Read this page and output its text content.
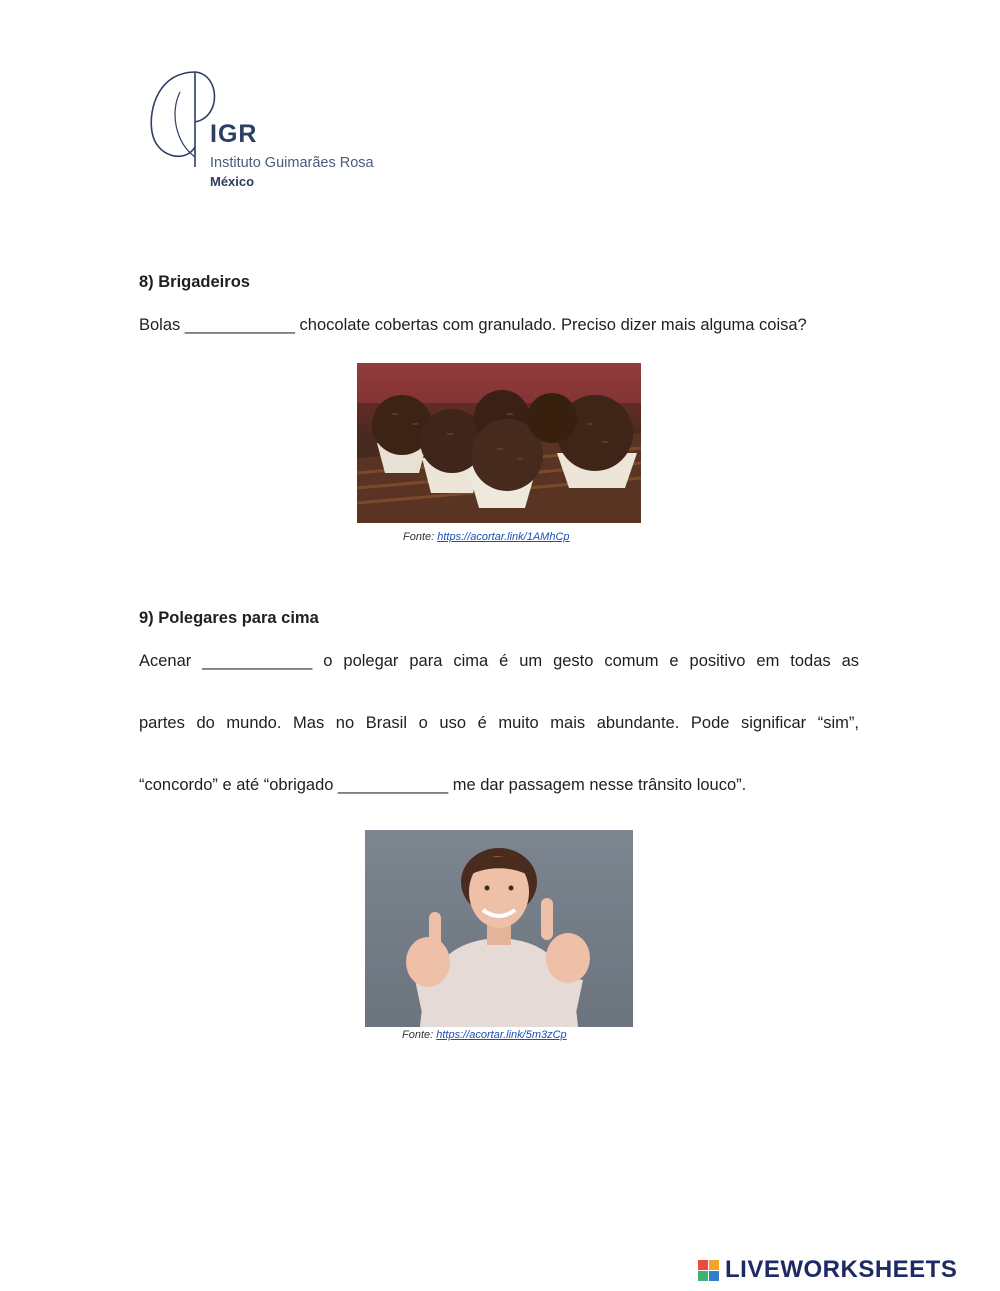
IGR
Instituto Guimarães Rosa
México
8) Brigadeiros
Bolas ____________ chocolate cobertas com granulado. Preciso dizer mais alguma coisa?
Fonte: https://acortar.link/1AMhCp
9) Polegares para cima
Acenar ____________ o polegar para cima é um gesto comum e positivo em todas as
partes do mundo. Mas no Brasil o uso é muito mais abundante. Pode significar “sim”,
“concordo” e até “obrigado ____________ me dar passagem nesse trânsito louco”.
Fonte: https://acortar.link/5m3zCp
LIVEWORKSHEETS
